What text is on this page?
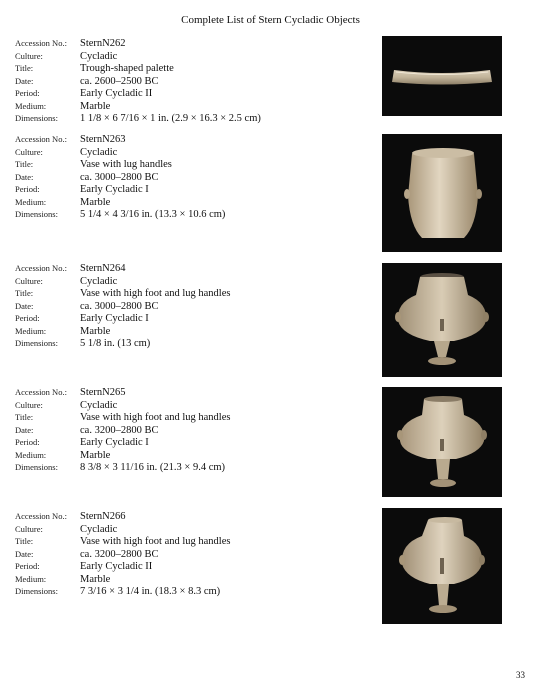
Complete List of Stern Cycladic Objects
Accession No.:	SternN262
Culture:	Cycladic
Title:	Trough-shaped palette
Date:	ca. 2600–2500 BC
Period:	Early Cycladic II
Medium:	Marble
Dimensions:	1 1/8 × 6 7/16 × 1 in. (2.9 × 16.3 × 2.5 cm)
Accession No.:	SternN263
Culture:	Cycladic
Title:	Vase with lug handles
Date:	ca. 3000–2800 BC
Period:	Early Cycladic I
Medium:	Marble
Dimensions:	5 1/4 × 4 3/16 in. (13.3 × 10.6 cm)
Accession No.:	SternN264
Culture:	Cycladic
Title:	Vase with high foot and lug handles
Date:	ca. 3000–2800 BC
Period:	Early Cycladic I
Medium:	Marble
Dimensions:	5 1/8 in. (13 cm)
Accession No.:	SternN265
Culture:	Cycladic
Title:	Vase with high foot and lug handles
Date:	ca. 3200–2800 BC
Period:	Early Cycladic I
Medium:	Marble
Dimensions:	8 3/8 × 3 11/16 in. (21.3 × 9.4 cm)
Accession No.:	SternN266
Culture:	Cycladic
Title:	Vase with high foot and lug handles
Date:	ca. 3200–2800 BC
Period:	Early Cycladic II
Medium:	Marble
Dimensions:	7 3/16 × 3 1/4 in. (18.3 × 8.3 cm)
33
